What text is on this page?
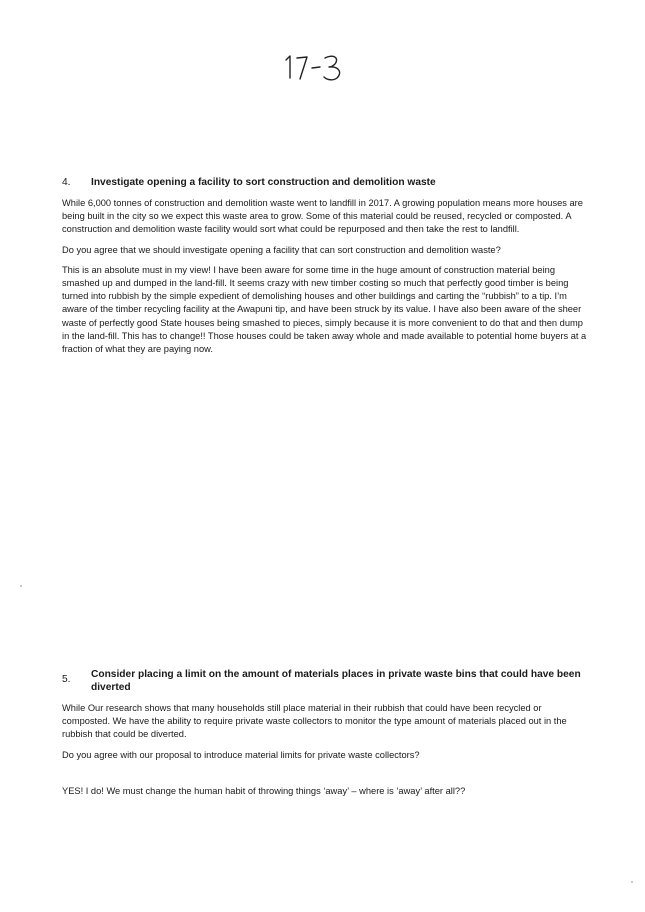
4.	Investigate opening a facility to sort construction and demolition waste

While 6,000 tonnes of construction and demolition waste went to landfill in 2017. A growing population means more houses are being built in the city so we expect this waste area to grow. Some of this material could be reused, recycled or composted. A construction and demolition waste facility would sort what could be repurposed and then take the rest to landfill.

Do you agree that we should investigate opening a facility that can sort construction and demolition waste?

This is an absolute must in my view! I have been aware for some time in the huge amount of construction material being smashed up and dumped in the land-fill. It seems crazy with new timber costing so much that perfectly good timber is being turned into rubbish by the simple expedient of demolishing houses and other buildings and carting the “rubbish” to a tip. I’m aware of the timber recycling facility at the Awapuni tip, and have been struck by its value. I have also been aware of the sheer waste of perfectly good State houses being smashed to pieces, simply because it is more convenient to do that and then dump in the land-fill. This has to change!! Those houses could be taken away whole and made available to potential home buyers at a fraction of what they are paying now.

5.	Consider placing a limit on the amount of materials places in private waste bins that could have been diverted

While Our research shows that many households still place material in their rubbish that could have been recycled or composted. We have the ability to require private waste collectors to monitor the type amount of materials placed out in the rubbish that could be diverted.

Do you agree with our proposal to introduce material limits for private waste collectors?

YES! I do! We must change the human habit of throwing things ‘away’ – where is ‘away’ after all??
